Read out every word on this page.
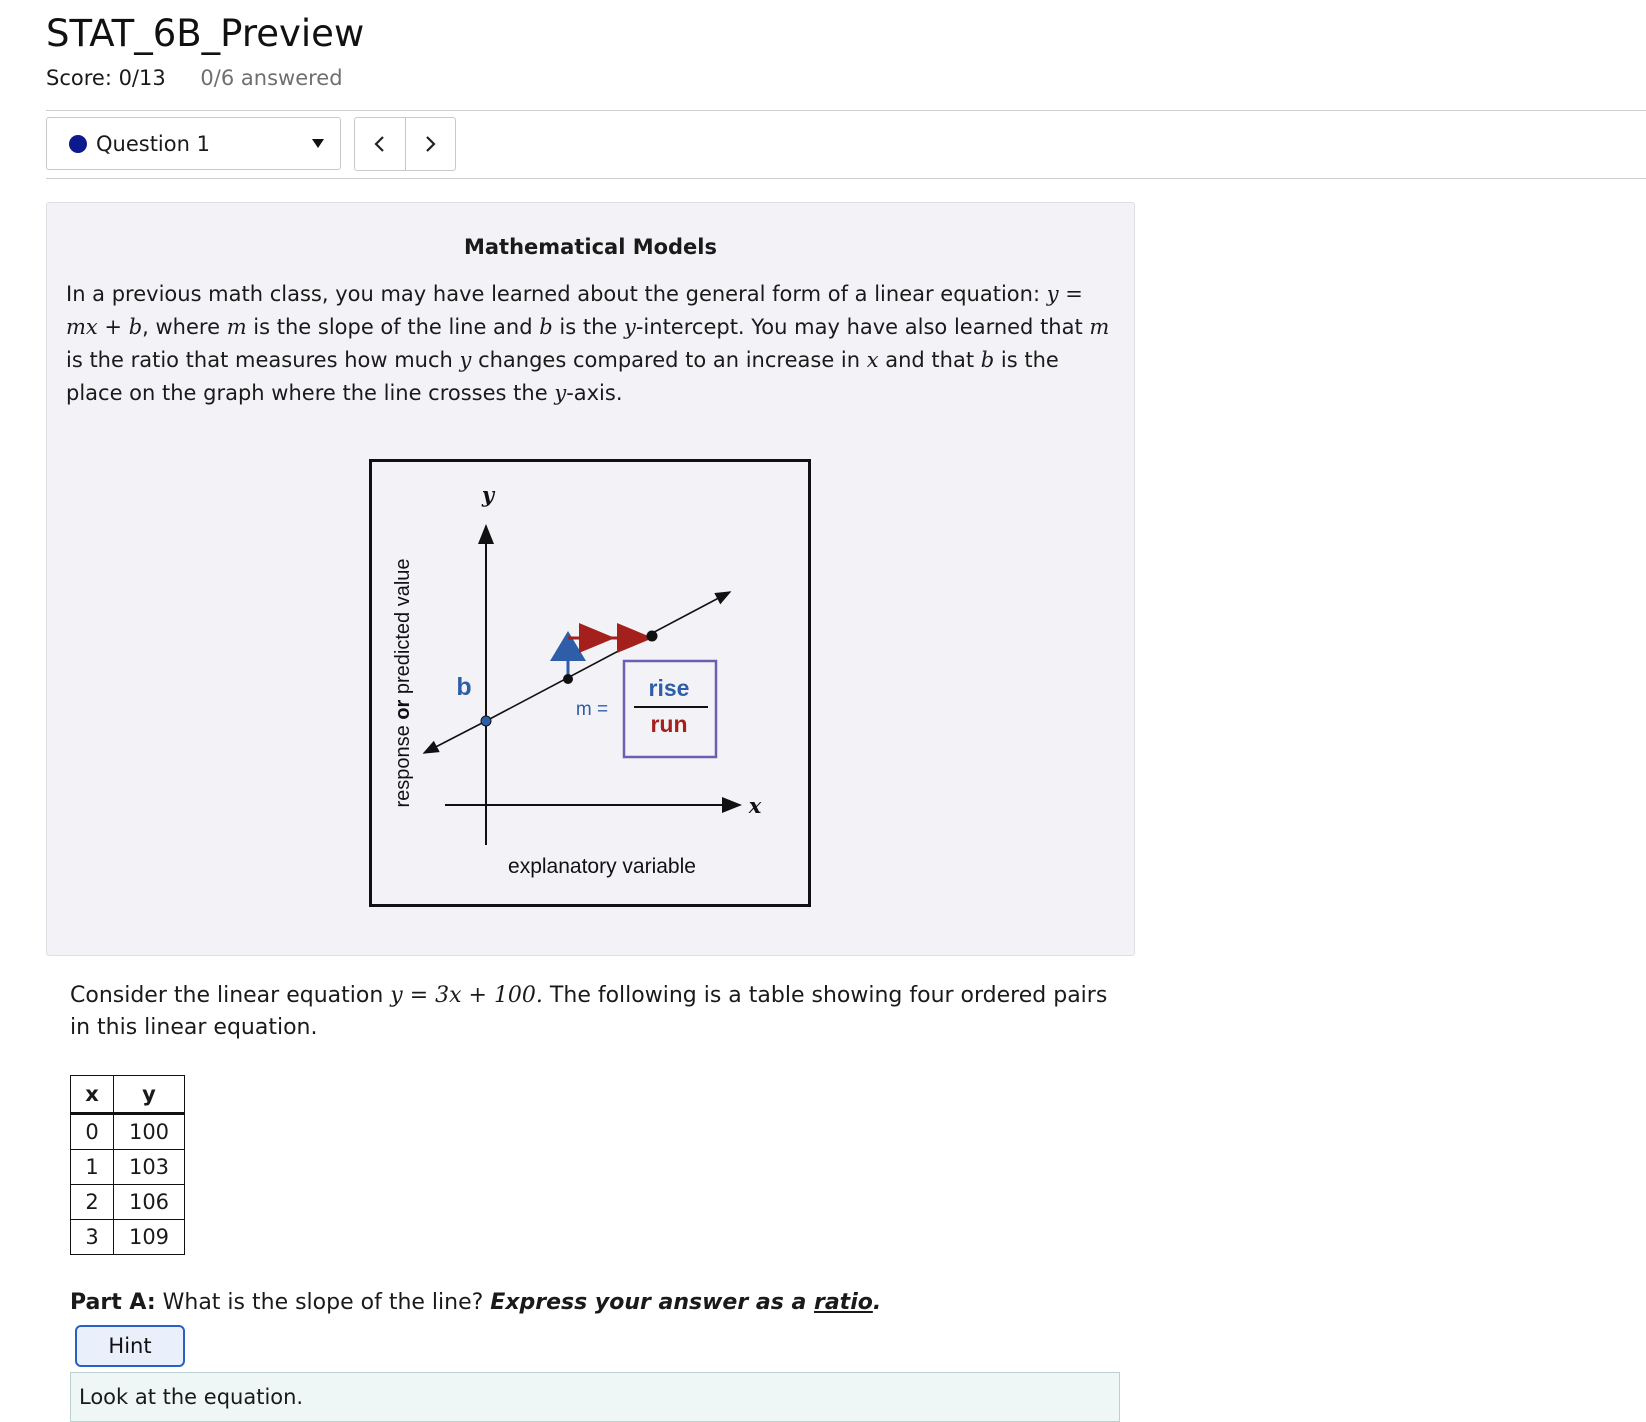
STAT_6B_Preview
Score: 0/13 0/6 answered
Question 1
Mathematical Models
In a previous math class, you may have learned about the general form of a linear equation: y = mx + b, where m is the slope of the line and b is the y-intercept. You may have also learned that m is the ratio that measures how much y changes compared to an increase in x and that b is the place on the graph where the line crosses the y-axis.
rise
run
m =
b
y
x
explanatory variable
response or predicted value
Consider the linear equation y = 3x + 100. The following is a table showing four ordered pairs in this linear equation.
x	y
0	100
1	103
2	106
3	109
Part A: What is the slope of the line? Express your answer as a ratio.
Hint
Look at the equation.
